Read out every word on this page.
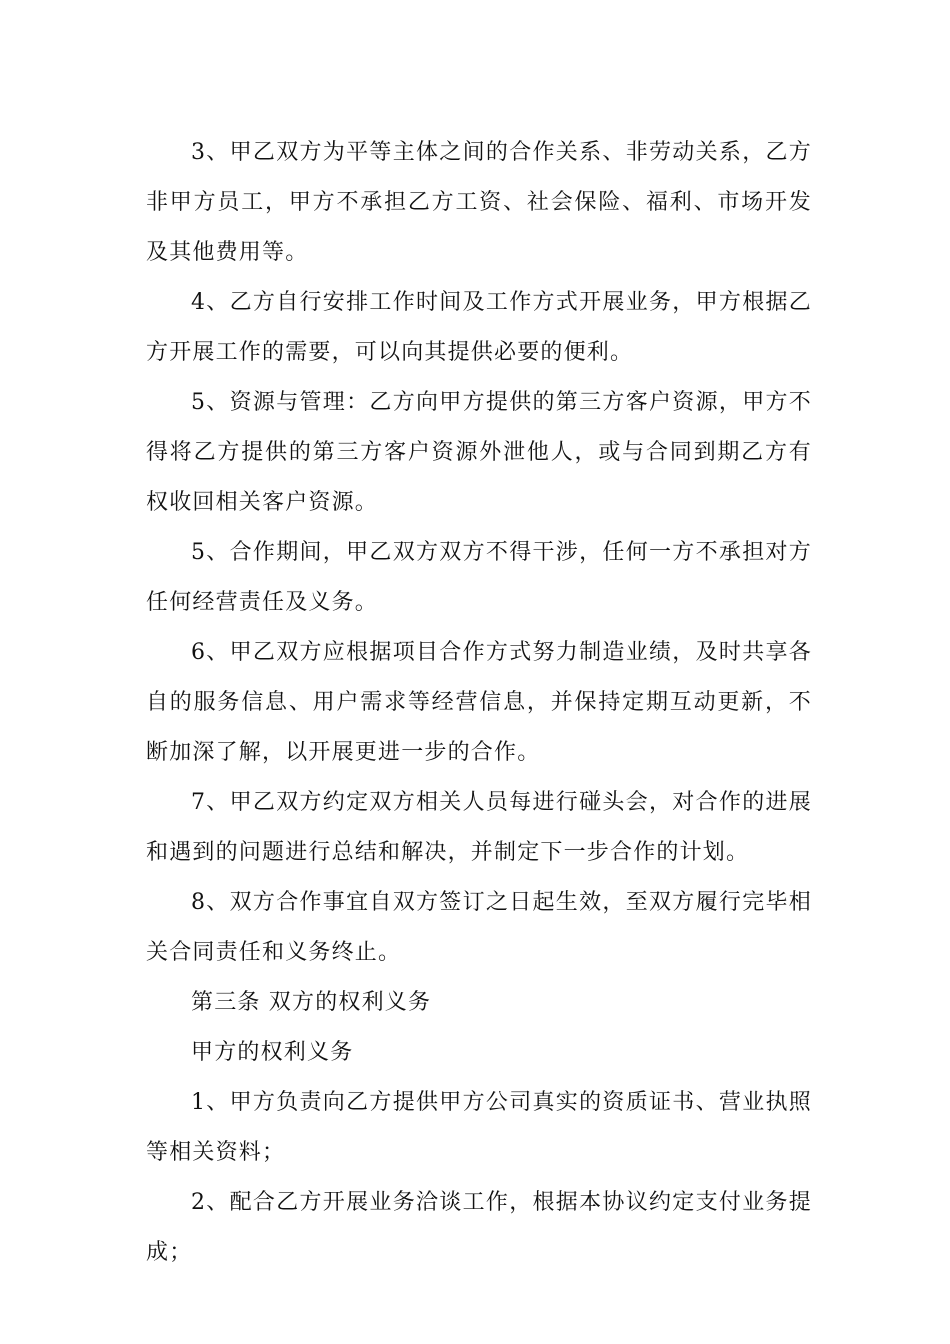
3、甲乙双方为平等主体之间的合作关系、非劳动关系，乙方非甲方员工，甲方不承担乙方工资、社会保险、福利、市场开发及其他费用等。

4、乙方自行安排工作时间及工作方式开展业务，甲方根据乙方开展工作的需要，可以向其提供必要的便利。

5、资源与管理：乙方向甲方提供的第三方客户资源，甲方不得将乙方提供的第三方客户资源外泄他人，或与合同到期乙方有权收回相关客户资源。

5、合作期间，甲乙双方双方不得干涉，任何一方不承担对方任何经营责任及义务。

6、甲乙双方应根据项目合作方式努力制造业绩，及时共享各自的服务信息、用户需求等经营信息，并保持定期互动更新，不断加深了解，以开展更进一步的合作。

7、甲乙双方约定双方相关人员每进行碰头会，对合作的进展和遇到的问题进行总结和解决，并制定下一步合作的计划。

8、双方合作事宜自双方签订之日起生效，至双方履行完毕相关合同责任和义务终止。

第三条 双方的权利义务

甲方的权利义务

1、甲方负责向乙方提供甲方公司真实的资质证书、营业执照等相关资料；

2、配合乙方开展业务洽谈工作，根据本协议约定支付业务提成；
